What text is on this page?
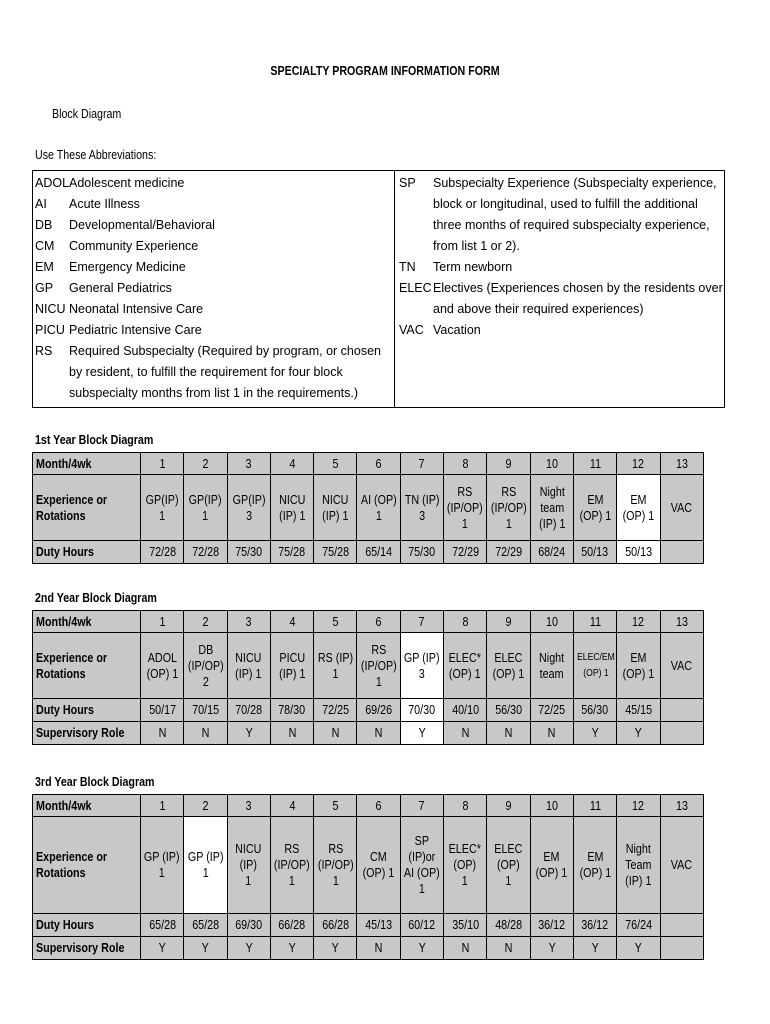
SPECIALTY PROGRAM INFORMATION FORM
Block Diagram
Use These Abbreviations:
ADOL Adolescent medicine
AI	Acute Illness
DB	Developmental/Behavioral
CM	Community Experience
EM	Emergency Medicine
GP	General Pediatrics
NICU Neonatal Intensive Care
PICU Pediatric Intensive Care
RS	Required Subspecialty (Required by program, or chosen by resident, to fulfill the requirement for four block subspecialty months from list 1 in the requirements.)
SP	Subspecialty Experience (Subspecialty experience, block or longitudinal, used to fulfill the additional three months of required subspecialty experience, from list 1 or 2).
TN	Term newborn
ELEC Electives (Experiences chosen by the residents over and above their required experiences)
VAC Vacation
1st Year Block Diagram
Month/4wk	1	2	3	4	5	6	7	8	9	10	11	12	13
Experience or
Rotations	GP(IP)
1	GP(IP)
1	GP(IP)
3	NICU
(IP) 1	NICU
(IP) 1	AI (OP)
1	TN (IP)
3	RS
(IP/OP)
1	RS
(IP/OP)
1	Night
team
(IP) 1	EM
(OP) 1	EM
(OP) 1	VAC
Duty Hours	72/28	72/28	75/30	75/28	75/28	65/14	75/30	72/29	72/29	68/24	50/13	50/13	
2nd Year Block Diagram
Month/4wk	1	2	3	4	5	6	7	8	9	10	11	12	13
Experience or
Rotations	ADOL
(OP) 1	DB
(IP/OP)
2	NICU
(IP) 1	PICU
(IP) 1	RS (IP)
1	RS
(IP/OP)
1	GP (IP)
3	ELEC*
(OP) 1	ELEC
(OP) 1	Night
team	ELEC/EM
(OP) 1	EM
(OP) 1	VAC
Duty Hours	50/17	70/15	70/28	78/30	72/25	69/26	70/30	40/10	56/30	72/25	56/30	45/15	
Supervisory Role	N	N	Y	N	N	N	Y	N	N	N	Y	Y	
3rd Year Block Diagram
Month/4wk	1	2	3	4	5	6	7	8	9	10	11	12	13
Experience or
Rotations	GP (IP)
1	GP (IP)
1	NICU
(IP)
1	RS
(IP/OP)
1	RS
(IP/OP)
1	CM
(OP) 1	SP
(IP)or
AI (OP)
1	ELEC*
(OP)
1	ELEC
(OP)
1	EM
(OP) 1	EM
(OP) 1	Night
Team
(IP) 1	VAC
Duty Hours	65/28	65/28	69/30	66/28	66/28	45/13	60/12	35/10	48/28	36/12	36/12	76/24	
Supervisory Role	Y	Y	Y	Y	Y	N	Y	N	N	Y	Y	Y	
